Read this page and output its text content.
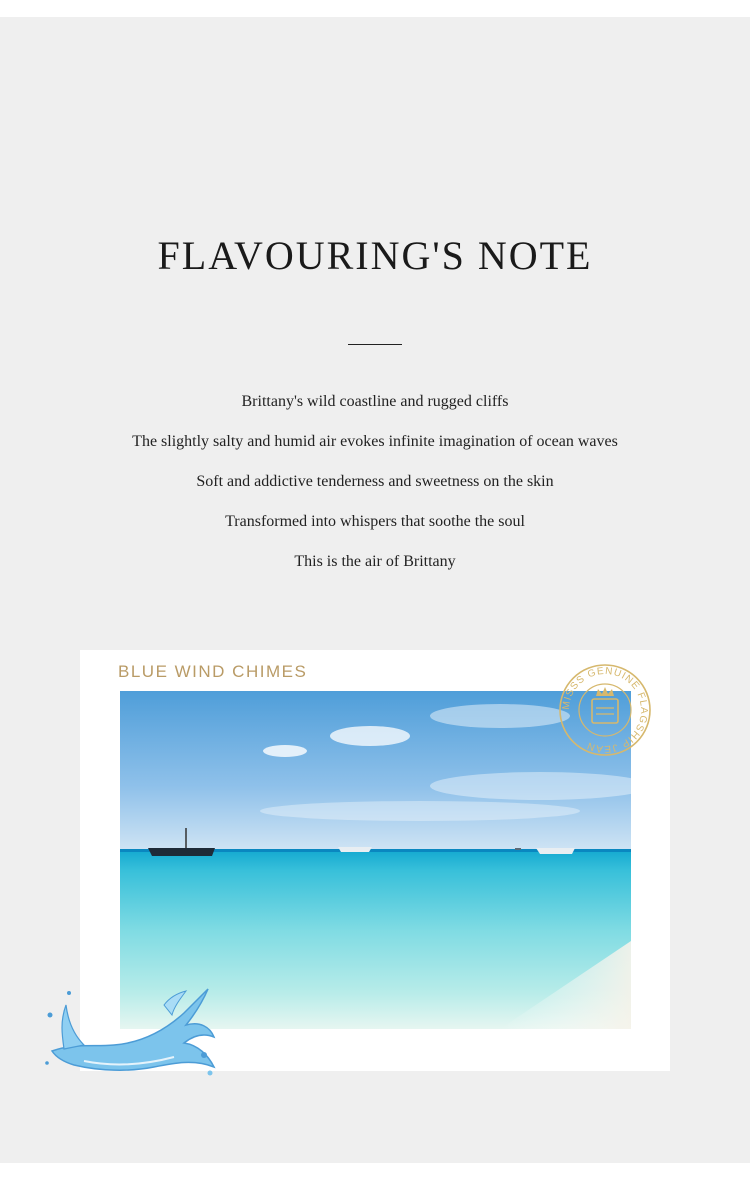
FLAVOURING'S NOTE
Brittany's wild coastline and rugged cliffs
The slightly salty and humid air evokes infinite imagination of ocean waves
Soft and addictive tenderness and sweetness on the skin
Transformed into whispers that soothe the soul
This is the air of Brittany
BLUE WIND CHIMES
MISSS GENUINE FLAGSHIP JEAN
